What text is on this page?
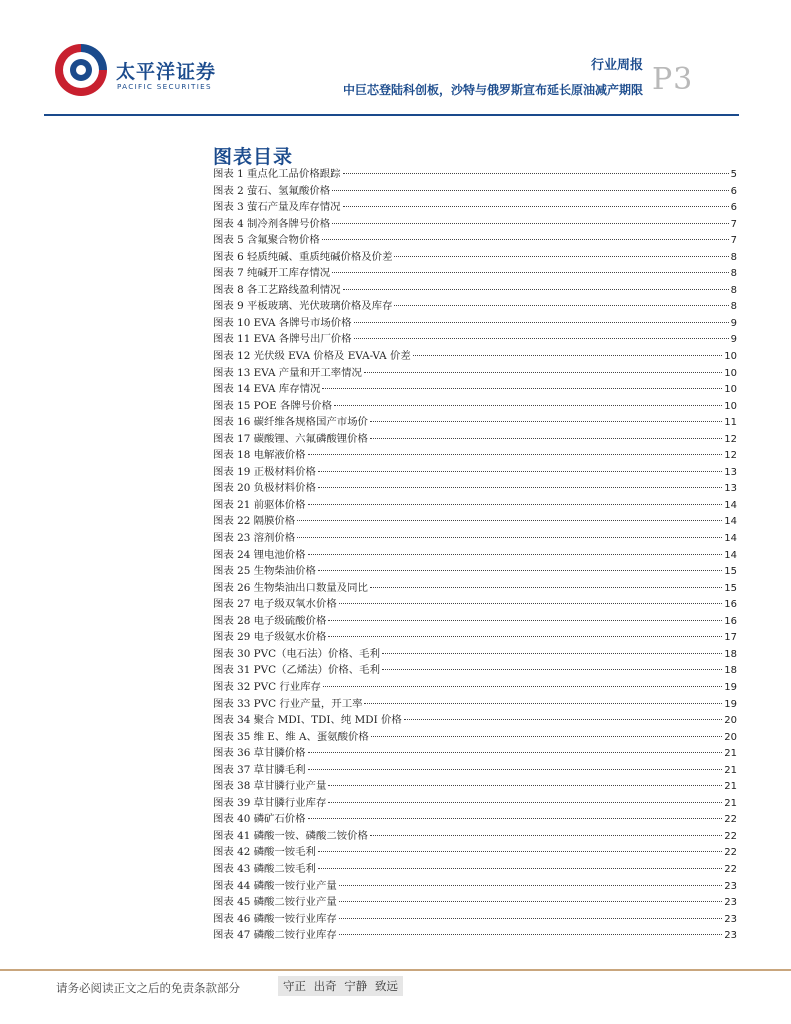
太平洋证券
PACIFIC SECURITIES
行业周报
中巨芯登陆科创板，沙特与俄罗斯宣布延长原油减产期限 P3
图表目录
图表 1 重点化工品价格跟踪	5
图表 2 萤石、氢氟酸价格	6
图表 3 萤石产量及库存情况	6
图表 4 制冷剂各牌号价格	7
图表 5 含氟聚合物价格	7
图表 6 轻质纯碱、重质纯碱价格及价差	8
图表 7 纯碱开工库存情况	8
图表 8 各工艺路线盈利情况	8
图表 9 平板玻璃、光伏玻璃价格及库存	8
图表 10 EVA 各牌号市场价格	9
图表 11 EVA 各牌号出厂价格	9
图表 12 光伏级 EVA 价格及 EVA-VA 价差	10
图表 13 EVA 产量和开工率情况	10
图表 14 EVA 库存情况	10
图表 15 POE 各牌号价格	10
图表 16 碳纤维各规格国产市场价	11
图表 17 碳酸锂、六氟磷酸锂价格	12
图表 18 电解液价格	12
图表 19 正极材料价格	13
图表 20 负极材料价格	13
图表 21 前驱体价格	14
图表 22 隔膜价格	14
图表 23 溶剂价格	14
图表 24 锂电池价格	14
图表 25 生物柴油价格	15
图表 26 生物柴油出口数量及同比	15
图表 27 电子级双氧水价格	16
图表 28 电子级硫酸价格	16
图表 29 电子级氨水价格	17
图表 30 PVC（电石法）价格、毛利	18
图表 31 PVC（乙烯法）价格、毛利	18
图表 32 PVC 行业库存	19
图表 33 PVC 行业产量，开工率	19
图表 34 聚合 MDI、TDI、纯 MDI 价格	20
图表 35 维 E、维 A、蛋氨酸价格	20
图表 36 草甘膦价格	21
图表 37 草甘膦毛利	21
图表 38 草甘膦行业产量	21
图表 39 草甘膦行业库存	21
图表 40 磷矿石价格	22
图表 41 磷酸一铵、磷酸二铵价格	22
图表 42 磷酸一铵毛利	22
图表 43 磷酸二铵毛利	22
图表 44 磷酸一铵行业产量	23
图表 45 磷酸二铵行业产量	23
图表 46 磷酸一铵行业库存	23
图表 47 磷酸二铵行业库存	23
请务必阅读正文之后的免责条款部分	守正 出奇 宁静 致远
